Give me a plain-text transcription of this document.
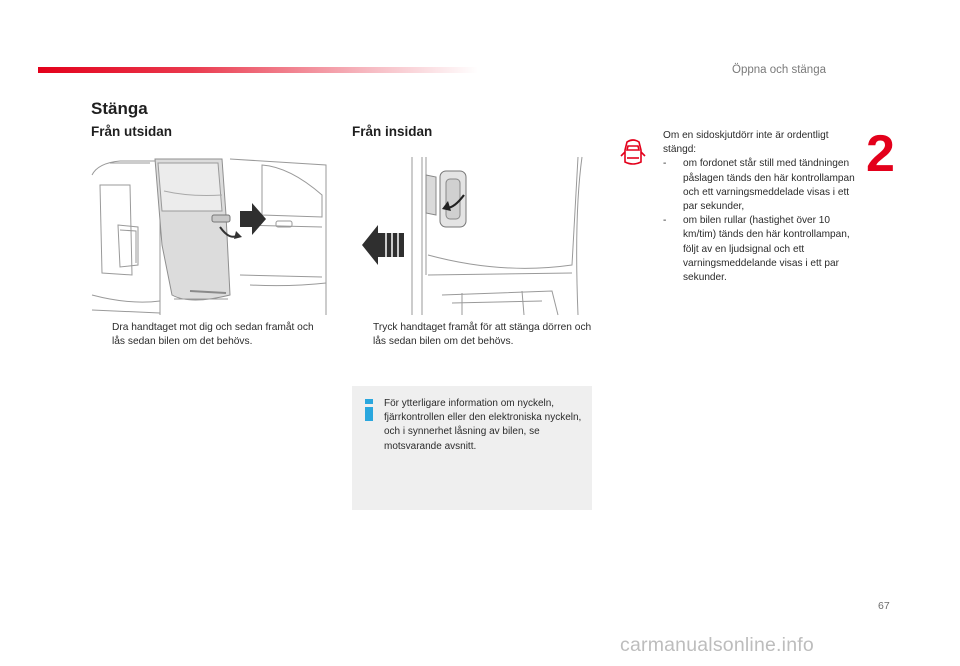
Öppna och stänga
2
Stänga
Från utsidan	Från insidan
Dra handtaget mot dig och sedan framåt och lås sedan bilen om det behövs.
Tryck handtaget framåt för att stänga dörren och lås sedan bilen om det behövs.
För ytterligare information om nyckeln, fjärrkontrollen eller den elektroniska nyckeln, och i synnerhet låsning av bilen, se motsvarande avsnitt.
Om en sidoskjutdörr inte är ordentligt stängd:
- om fordonet står still med tändningen påslagen tänds den här kontrollampan och ett varningsmeddelade visas i ett par sekunder,
- om bilen rullar (hastighet över 10 km/tim) tänds den här kontrollampan, följt av en ljudsignal och ett varningsmeddelande visas i ett par sekunder.
67
carmanualsonline.info
